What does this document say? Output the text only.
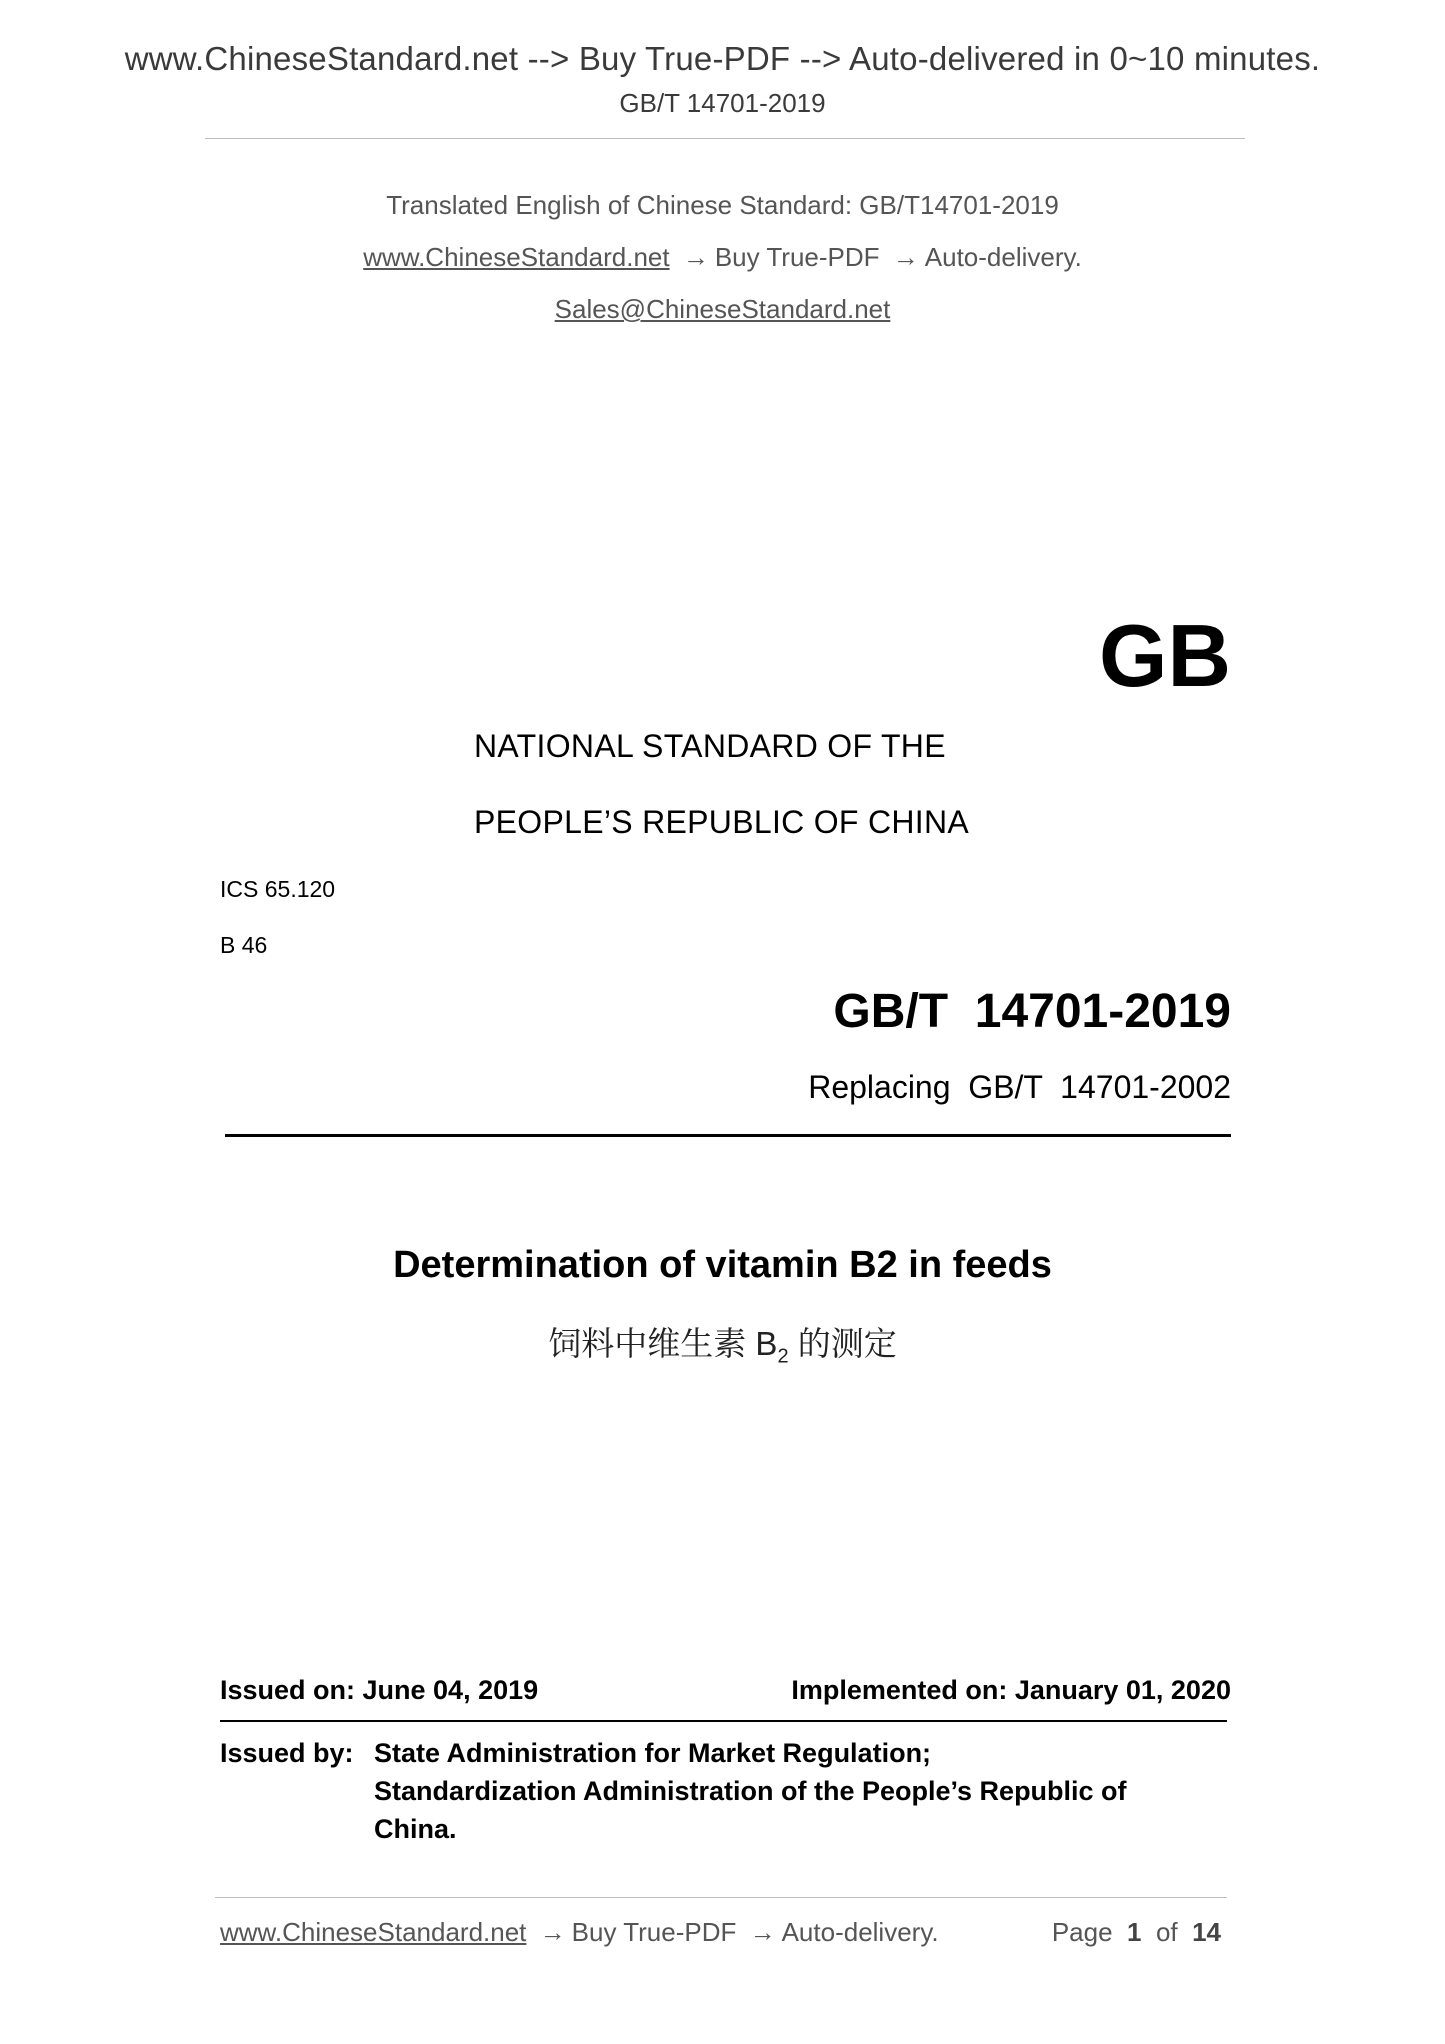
www.ChineseStandard.net --> Buy True-PDF --> Auto-delivered in 0~10 minutes.
GB/T 14701-2019
Translated English of Chinese Standard: GB/T14701-2019
www.ChineseStandard.net → Buy True-PDF → Auto-delivery.
Sales@ChineseStandard.net
GB
NATIONAL STANDARD OF THE
PEOPLE’S REPUBLIC OF CHINA
ICS 65.120
B 46
GB/T  14701-2019
Replacing  GB/T  14701-2002
Determination of vitamin B2 in feeds
饲料中维生素 $B_2$ 的测定
Issued on: June 04, 2019	Implemented on: January 01, 2020
Issued by: State Administration for Market Regulation;
Standardization Administration of the People’s Republic of China.
www.ChineseStandard.net → Buy True-PDF → Auto-delivery.	Page 1 of 14
